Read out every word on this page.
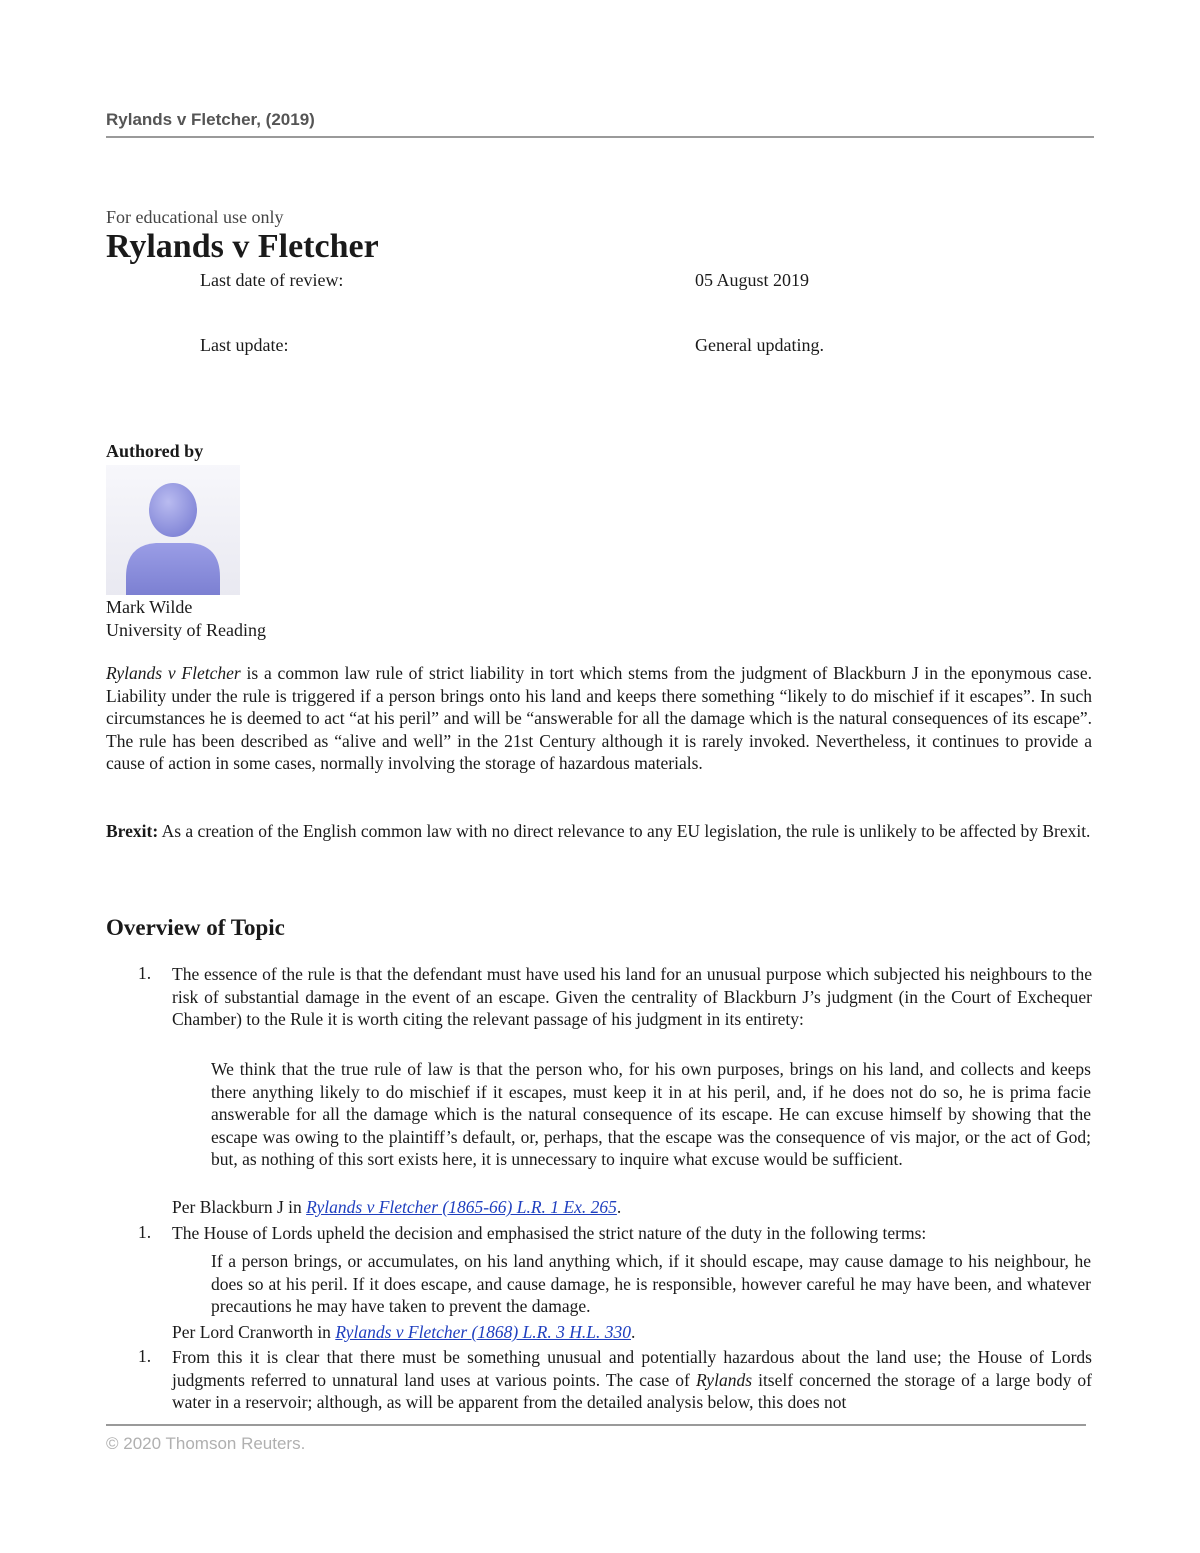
Rylands v Fletcher, (2019)
For educational use only
Rylands v Fletcher
Last date of review:	05 August 2019
Last update:	General updating.
Authored by
Mark Wilde
University of Reading

Rylands v Fletcher is a common law rule of strict liability in tort which stems from the judgment of Blackburn J in the eponymous case. Liability under the rule is triggered if a person brings onto his land and keeps there something “likely to do mischief if it escapes”. In such circumstances he is deemed to act “at his peril” and will be “answerable for all the damage which is the natural consequences of its escape”. The rule has been described as “alive and well” in the 21st Century although it is rarely invoked. Nevertheless, it continues to provide a cause of action in some cases, normally involving the storage of hazardous materials.

Brexit: As a creation of the English common law with no direct relevance to any EU legislation, the rule is unlikely to be affected by Brexit.

Overview of Topic
1. The essence of the rule is that the defendant must have used his land for an unusual purpose which subjected his neighbours to the risk of substantial damage in the event of an escape. Given the centrality of Blackburn J’s judgment (in the Court of Exchequer Chamber) to the Rule it is worth citing the relevant passage of his judgment in its entirety:

We think that the true rule of law is that the person who, for his own purposes, brings on his land, and collects and keeps there anything likely to do mischief if it escapes, must keep it in at his peril, and, if he does not do so, he is prima facie answerable for all the damage which is the natural consequence of its escape. He can excuse himself by showing that the escape was owing to the plaintiff’s default, or, perhaps, that the escape was the consequence of vis major, or the act of God; but, as nothing of this sort exists here, it is unnecessary to inquire what excuse would be sufficient.

Per Blackburn J in Rylands v Fletcher (1865-66) L.R. 1 Ex. 265.
1. The House of Lords upheld the decision and emphasised the strict nature of the duty in the following terms:

If a person brings, or accumulates, on his land anything which, if it should escape, may cause damage to his neighbour, he does so at his peril. If it does escape, and cause damage, he is responsible, however careful he may have been, and whatever precautions he may have taken to prevent the damage.

Per Lord Cranworth in Rylands v Fletcher (1868) L.R. 3 H.L. 330.
1. From this it is clear that there must be something unusual and potentially hazardous about the land use; the House of Lords judgments referred to unnatural land uses at various points. The case of Rylands itself concerned the storage of a large body of water in a reservoir; although, as will be apparent from the detailed analysis below, this does not

© 2020 Thomson Reuters.
